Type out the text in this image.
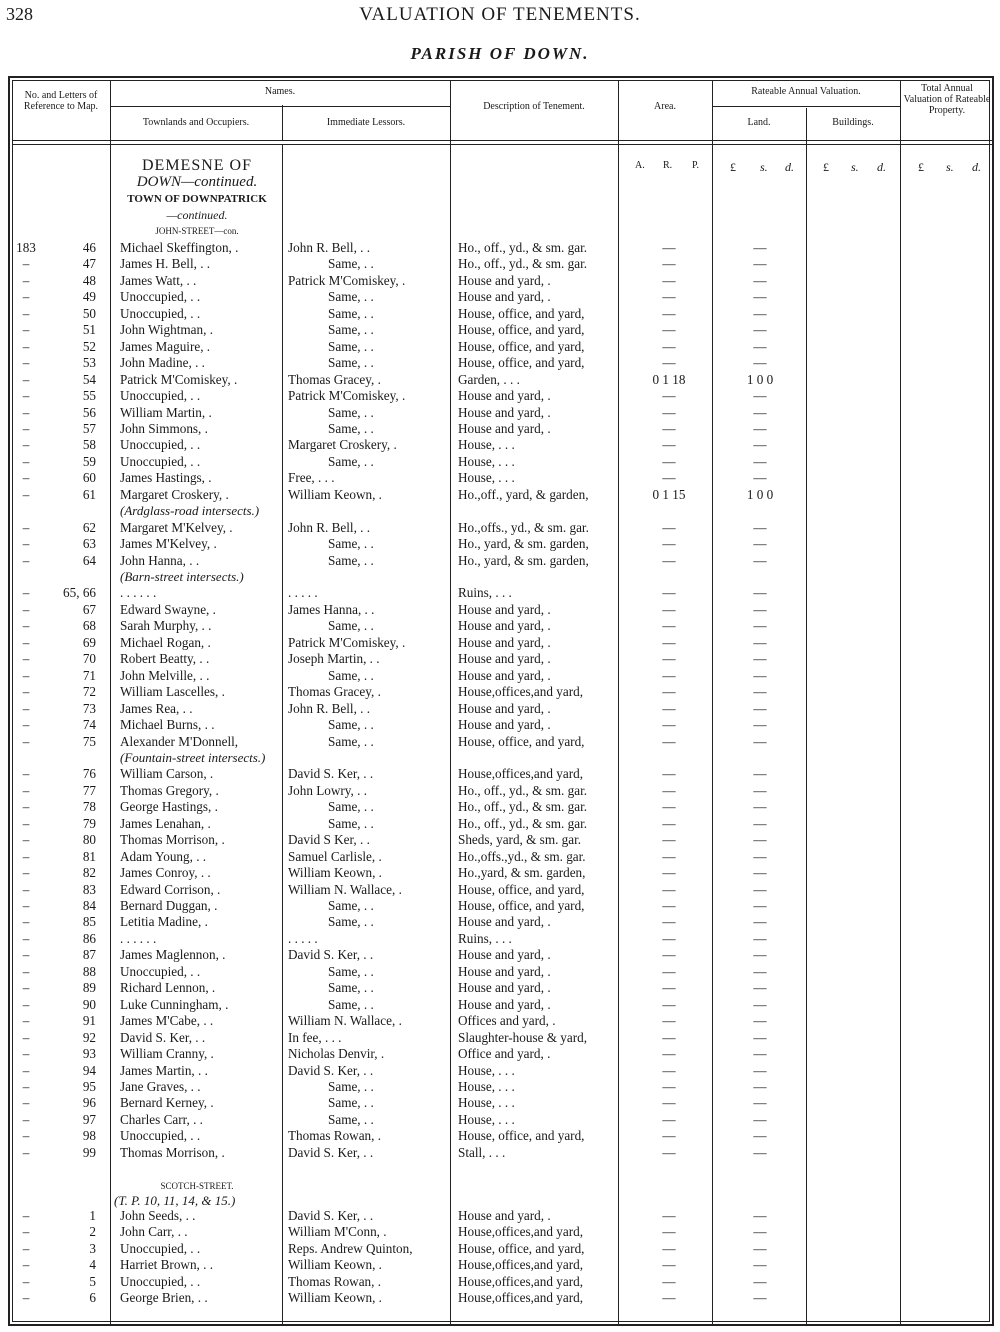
328	VALUATION OF TENEMENTS.
PARISH OF DOWN.
No. and Letters of Reference to Map.
Names.
Townlands and Occupiers.	Immediate Lessors.
Description of Tenement.	Area.
Rateable Annual Valuation.
Land.	Buildings.
Total Annual Valuation of Rateable Property.
A. R. P.	£ s. d. £ s. d.	£ s. d.
DEMESNE OF
DOWN—continued.
TOWN OF DOWNPATRICK
—continued.
JOHN-STREET—con.
SCOTCH-STREET.
(T. P. 10, 11, 14, & 15.)
183	46 Michael Skeffington, .	John R. Bell, . .	Ho., off., yd., & sm. gar.	—	—
–	47 James H. Bell, . .	Same, . .	Ho., off., yd., & sm. gar.	—	—
–	48 James Watt, . .	Patrick M'Comiskey, .	House and yard, .	—	—
–	49 Unoccupied, . .	Same, . .	House and yard, .	—	—
–	50 Unoccupied, . .	Same, . .	House, office, and yard,	—	—
–	51 John Wightman, .	Same, . .	House, office, and yard,	—	—
–	52 James Maguire, .	Same, . .	House, office, and yard,	—	—
–	53 John Madine, . .	Same, . .	House, office, and yard,	—	—
–	54 Patrick M'Comiskey, .	Thomas Gracey, .	Garden, . . .	0 1 18	1 0 0
–	55 Unoccupied, . .	Patrick M'Comiskey, .	House and yard, .	—	—
–	56 William Martin, .	Same, . .	House and yard, .	—	—
–	57 John Simmons, .	Same, . .	House and yard, .	—	—
–	58 Unoccupied, . .	Margaret Croskery, .	House, . . .	—	—
–	59 Unoccupied, . .	Same, . .	House, . . .	—	—
–	60 James Hastings, .	Free, . . .	House, . . .	—	—
–	61 Margaret Croskery, .	William Keown, .	Ho.,off., yard, & garden,	0 1 15	1 0 0
(Ardglass-road intersects.)
–	62 Margaret M'Kelvey, .	John R. Bell, . .	Ho.,offs., yd., & sm. gar.	—	—
–	63 James M'Kelvey, .	Same, . .	Ho., yard, & sm. garden,	—	—
–	64 John Hanna, . .	Same, . .	Ho., yard, & sm. garden,	—	—
(Barn-street intersects.)
–	65, 66 . . . . . .	. . . . .	Ruins, . . .	—	—
–	67 Edward Swayne, .	James Hanna, . .	House and yard, .	—	—
–	68 Sarah Murphy, . .	Same, . .	House and yard, .	—	—
–	69 Michael Rogan, .	Patrick M'Comiskey, .	House and yard, .	—	—
–	70 Robert Beatty, . .	Joseph Martin, . .	House and yard, .	—	—
–	71 John Melville, . .	Same, . .	House and yard, .	—	—
–	72 William Lascelles, .	Thomas Gracey, .	House,offices,and yard,	—	—
–	73 James Rea, . .	John R. Bell, . .	House and yard, .	—	—
–	74 Michael Burns, . .	Same, . .	House and yard, .	—	—
–	75 Alexander M'Donnell,	Same, . .	House, office, and yard,	—	—
(Fountain-street intersects.)
–	76 William Carson, .	David S. Ker, . .	House,offices,and yard,	—	—
–	77 Thomas Gregory, .	John Lowry, . .	Ho., off., yd., & sm. gar.	—	—
–	78 George Hastings, .	Same, . .	Ho., off., yd., & sm. gar.	—	—
–	79 James Lenahan, .	Same, . .	Ho., off., yd., & sm. gar.	—	—
–	80 Thomas Morrison, .	David S Ker, . .	Sheds, yard, & sm. gar.	—	—
–	81 Adam Young, . .	Samuel Carlisle, .	Ho.,offs.,yd., & sm. gar.	—	—
–	82 James Conroy, . .	William Keown, .	Ho.,yard, & sm. garden,	—	—
–	83 Edward Corrison, .	William N. Wallace, .	House, office, and yard,	—	—
–	84 Bernard Duggan, .	Same, . .	House, office, and yard,	—	—
–	85 Letitia Madine, .	Same, . .	House and yard, .	—	—
–	86 . . . . . .	. . . . .	Ruins, . . .	—	—
–	87 James Maglennon, .	David S. Ker, . .	House and yard, .	—	—
–	88 Unoccupied, . .	Same, . .	House and yard, .	—	—
–	89 Richard Lennon, .	Same, . .	House and yard, .	—	—
–	90 Luke Cunningham, .	Same, . .	House and yard, .	—	—
–	91 James M'Cabe, . .	William N. Wallace, .	Offices and yard, .	—	—
–	92 David S. Ker, . .	In fee, . . .	Slaughter-house & yard,	—	—
–	93 William Cranny, .	Nicholas Denvir, .	Office and yard, .	—	—
–	94 James Martin, . .	David S. Ker, . .	House, . . .	—	—
–	95 Jane Graves, . .	Same, . .	House, . . .	—	—
–	96 Bernard Kerney, .	Same, . .	House, . . .	—	—
–	97 Charles Carr, . .	Same, . .	House, . . .	—	—
–	98 Unoccupied, . .	Thomas Rowan, .	House, office, and yard,	—	—
–	99 Thomas Morrison, .	David S. Ker, . .	Stall, . . .	—	—
–	1 John Seeds, . .	David S. Ker, . .	House and yard, .	—	—
–	2 John Carr, . .	William M'Conn, .	House,offices,and yard,	—	—
–	3 Unoccupied, . .	Reps. Andrew Quinton,	House, office, and yard,	—	—
–	4 Harriet Brown, . .	William Keown, .	House,offices,and yard,	—	—
–	5 Unoccupied, . .	Thomas Rowan, .	House,offices,and yard,	—	—
–	6 George Brien, . .	William Keown, .	House,offices,and yard,	—	—
